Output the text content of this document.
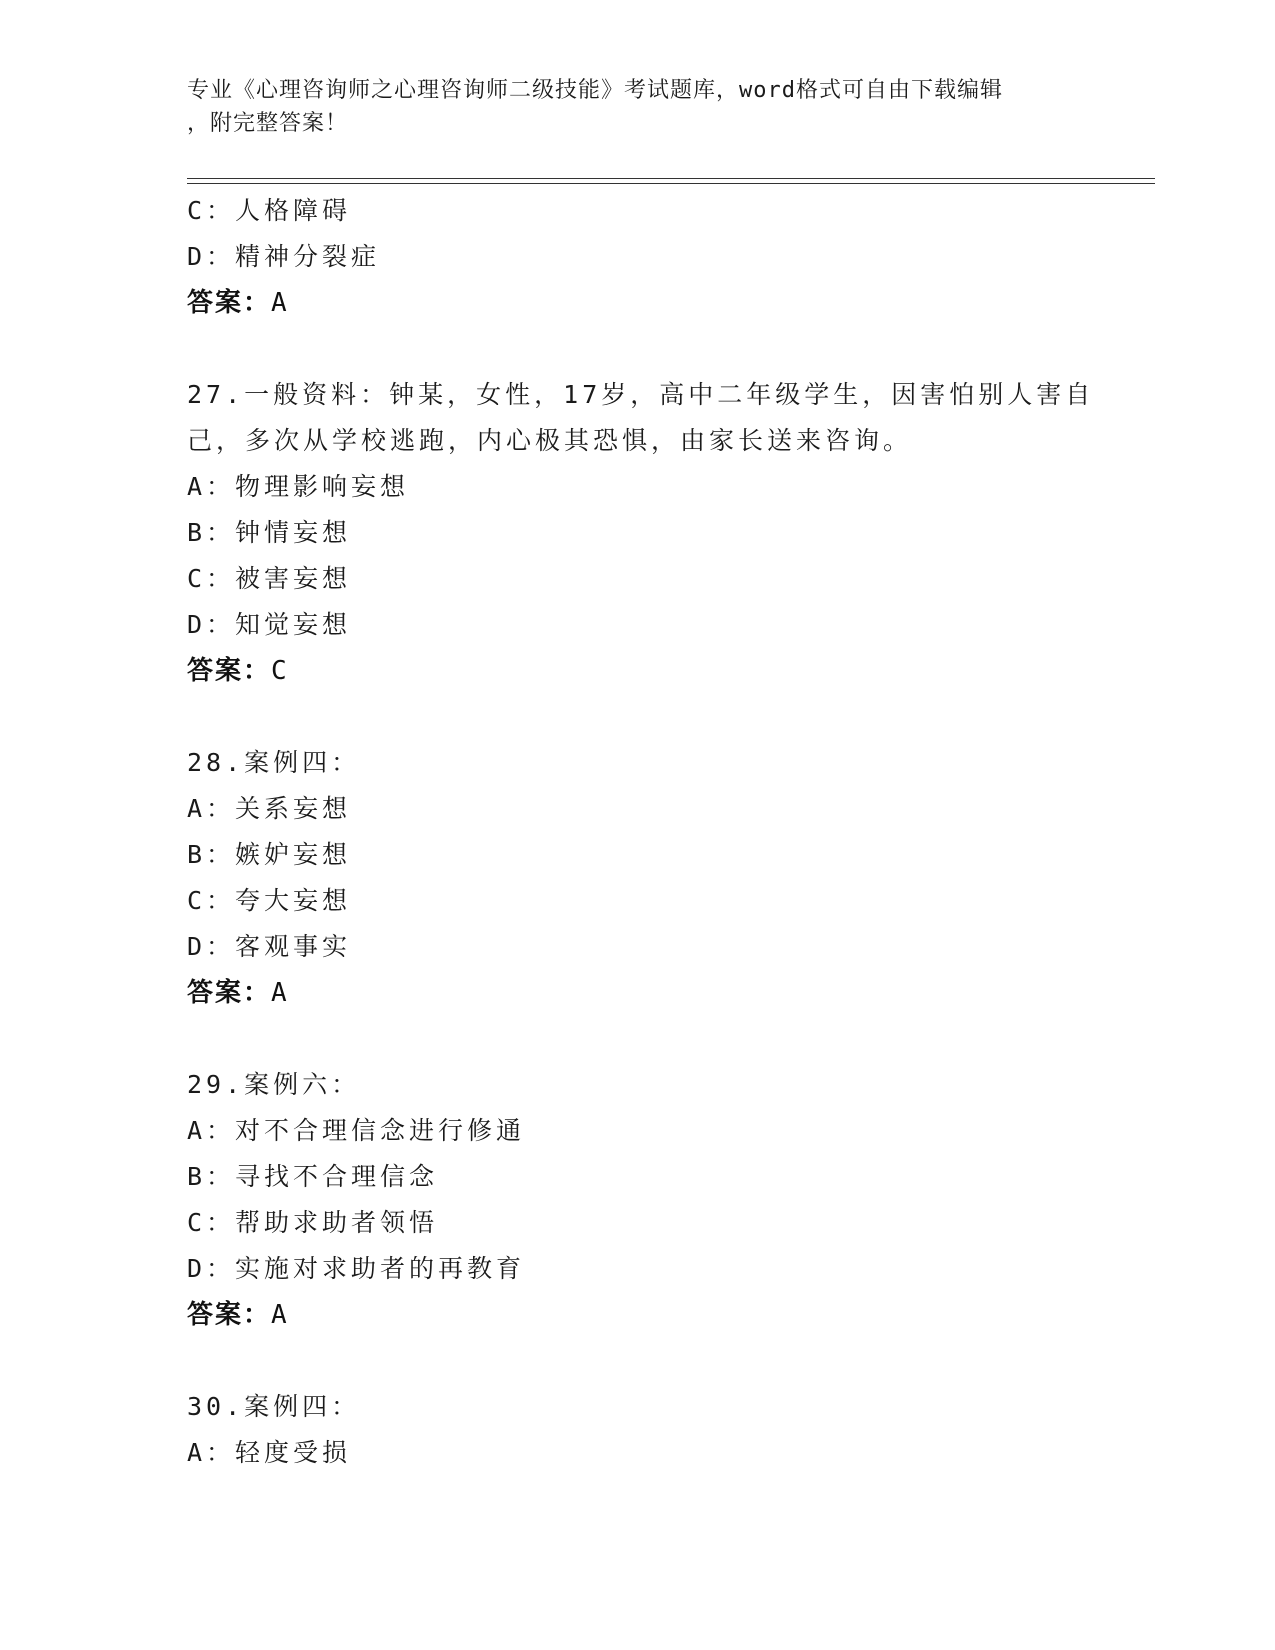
专业《心理咨询师之心理咨询师二级技能》考试题库，word格式可自由下载编辑
，附完整答案！
C：人格障碍
D：精神分裂症
答案：A
27.一般资料：钟某，女性，17岁，高中二年级学生，因害怕别人害自
己，多次从学校逃跑，内心极其恐惧，由家长送来咨询。
A：物理影响妄想
B：钟情妄想
C：被害妄想
D：知觉妄想
答案：C
28.案例四：
A：关系妄想
B：嫉妒妄想
C：夸大妄想
D：客观事实
答案：A
29.案例六：
A：对不合理信念进行修通
B：寻找不合理信念
C：帮助求助者领悟
D：实施对求助者的再教育
答案：A
30.案例四：
A：轻度受损
